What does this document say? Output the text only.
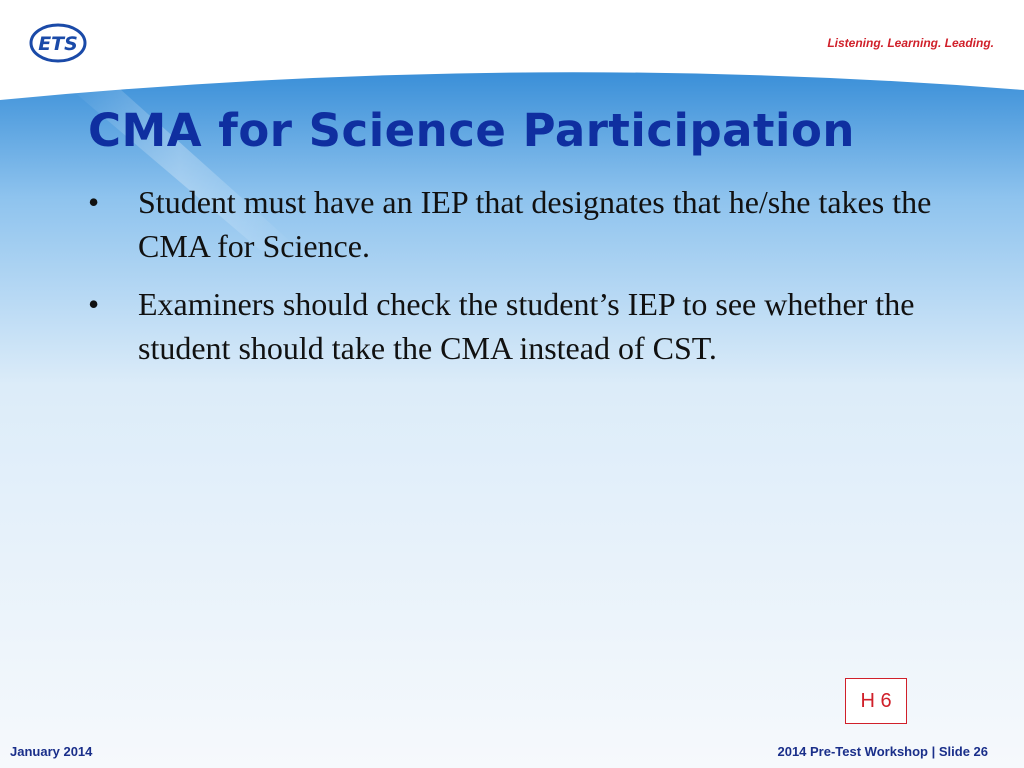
ETS	Listening. Learning. Leading.
CMA for Science Participation
• Student must have an IEP that designates that he/she takes the CMA for Science.
• Examiners should check the student’s IEP to see whether the student should take the CMA instead of CST.
H 6
January 2014	2014 Pre-Test Workshop | Slide 26
